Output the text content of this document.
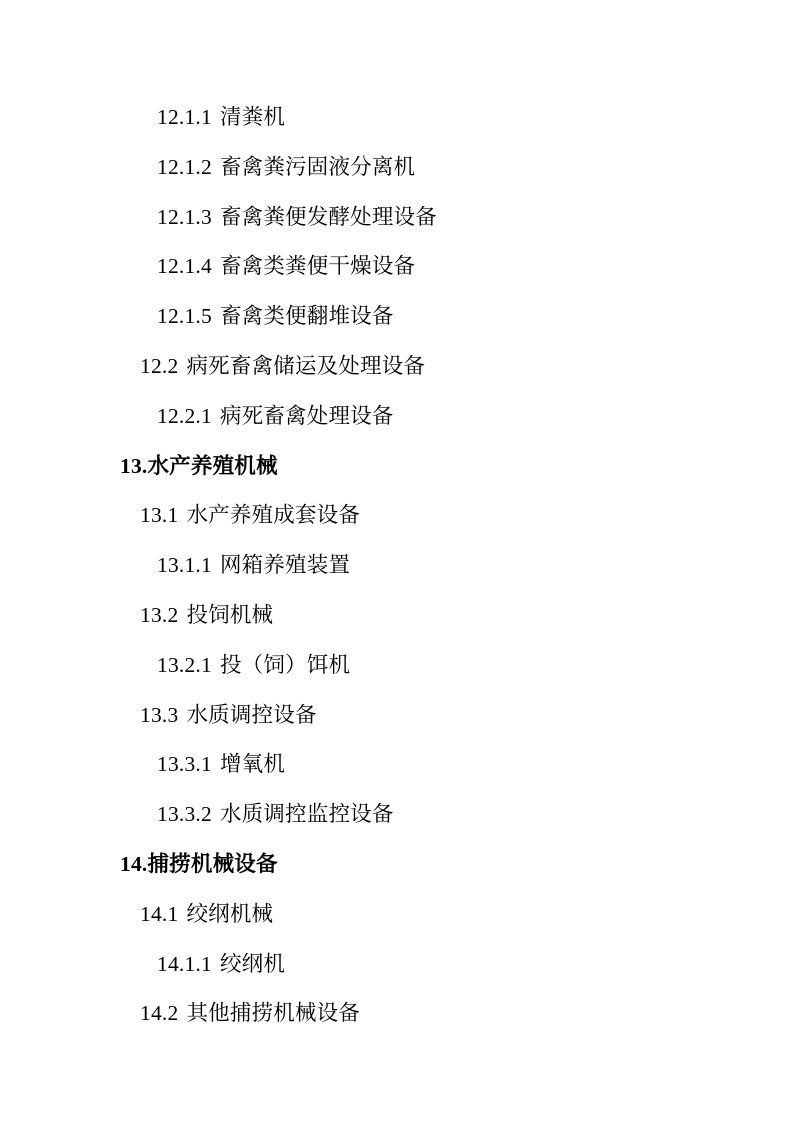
12.1.1 清粪机
12.1.2 畜禽粪污固液分离机
12.1.3 畜禽粪便发酵处理设备
12.1.4 畜禽类粪便干燥设备
12.1.5 畜禽类便翻堆设备
12.2 病死畜禽储运及处理设备
12.2.1 病死畜禽处理设备
13.水产养殖机械
13.1 水产养殖成套设备
13.1.1 网箱养殖装置
13.2 投饲机械
13.2.1 投（饲）饵机
13.3 水质调控设备
13.3.1 增氧机
13.3.2 水质调控监控设备
14.捕捞机械设备
14.1 绞纲机械
14.1.1 绞纲机
14.2 其他捕捞机械设备
